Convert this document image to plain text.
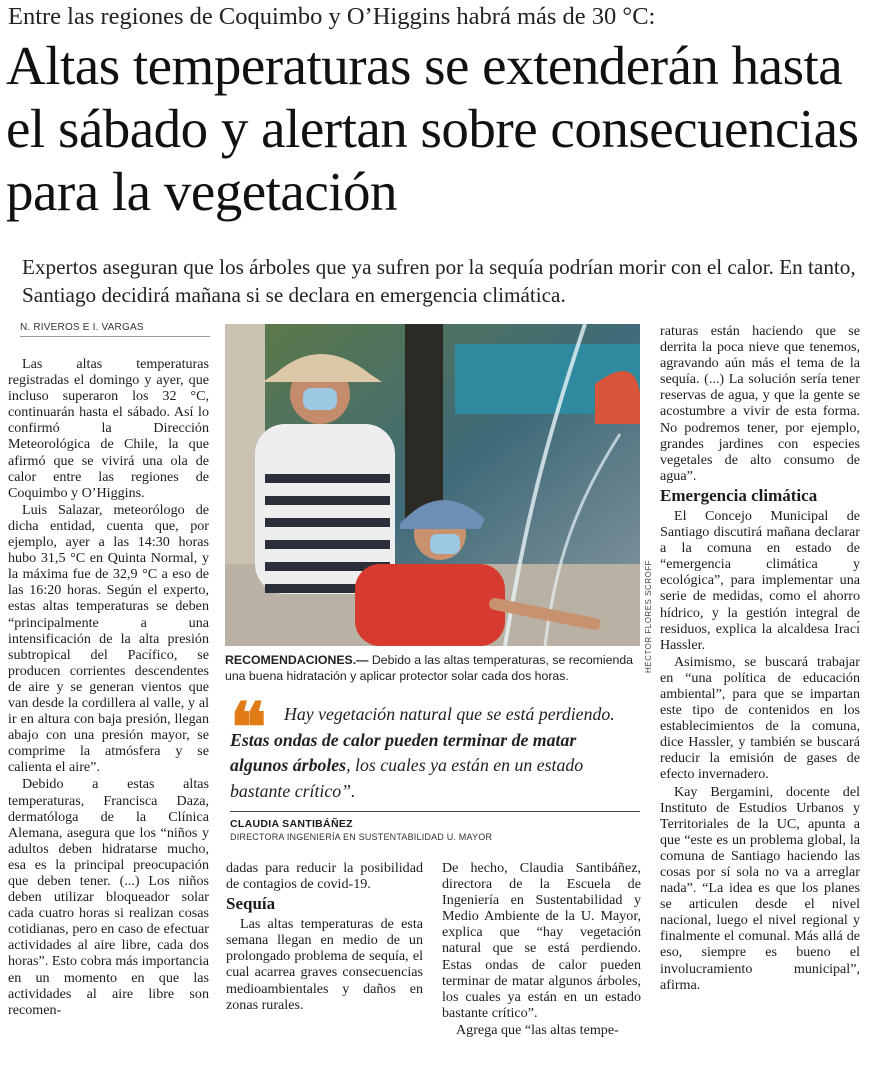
Entre las regiones de Coquimbo y O’Higgins habrá más de 30 °C:
Altas temperaturas se extenderán hasta el sábado y alertan sobre consecuencias para la vegetación
Expertos aseguran que los árboles que ya sufren por la sequía podrían morir con el calor. En tanto, Santiago decidirá mañana si se declara en emergencia climática.
N. RIVEROS E I. VARGAS

Las altas temperaturas registradas el domingo y ayer, que incluso superaron los 32 °C, continuarán hasta el sábado. Así lo confirmó la Dirección Meteorológica de Chile, la que afirmó que se vivirá una ola de calor entre las regiones de Coquimbo y O’Higgins.

Luis Salazar, meteorólogo de dicha entidad, cuenta que, por ejemplo, ayer a las 14:30 horas hubo 31,5 °C en Quinta Normal, y la máxima fue de 32,9 °C a eso de las 16:20 horas. Según el experto, estas altas temperaturas se deben “principalmente a una intensificación de la alta presión subtropical del Pacífico, se producen corrientes descendentes de aire y se generan vientos que van desde la cordillera al valle, y al ir en altura con baja presión, llegan abajo con una presión mayor, se comprime la atmósfera y se calienta el aire”.

Debido a estas altas temperaturas, Francisca Daza, dermatóloga de la Clínica Alemana, asegura que los “niños y adultos deben hidratarse mucho, esa es la principal preocupación que deben tener. (...) Los niños deben utilizar bloqueador solar cada cuatro horas si realizan cosas cotidianas, pero en caso de efectuar actividades al aire libre, cada dos horas”. Esto cobra más importancia en un momento en que las actividades al aire libre son recomen-

HÉCTOR FLORES SCROFF
RECOMENDACIONES.— Debido a las altas temperaturas, se recomienda una buena hidratación y aplicar protector solar cada dos horas.
❝ Hay vegetación natural que se está perdiendo. Estas ondas de calor pueden terminar de matar algunos árboles, los cuales ya están en un estado bastante crítico”.
CLAUDIA SANTIBÁÑEZ
DIRECTORA INGENIERÍA EN SUSTENTABILIDAD U. MAYOR

dadas para reducir la posibilidad de contagios de covid-19.

Sequía

Las altas temperaturas de esta semana llegan en medio de un prolongado problema de sequía, el cual acarrea graves consecuencias medioambientales y daños en zonas rurales.

De hecho, Claudia Santibáñez, directora de la Escuela de Ingeniería en Sustentabilidad y Medio Ambiente de la U. Mayor, explica que “hay vegetación natural que se está perdiendo. Estas ondas de calor pueden terminar de matar algunos árboles, los cuales ya están en un estado bastante crítico”.

Agrega que “las altas tempe-

raturas están haciendo que se derrita la poca nieve que tenemos, agravando aún más el tema de la sequía. (...) La solución sería tener reservas de agua, y que la gente se acostumbre a vivir de esta forma. No podremos tener, por ejemplo, grandes jardines con especies vegetales de alto consumo de agua”.

Emergencia climática

El Concejo Municipal de Santiago discutirá mañana declarar a la comuna en estado de “emergencia climática y ecológica”, para implementar una serie de medidas, como el ahorro hídrico, y la gestión integral de residuos, explica la alcaldesa Iracı́ Hassler.

Asimismo, se buscará trabajar en “una política de educación ambiental”, para que se impartan este tipo de contenidos en los establecimientos de la comuna, dice Hassler, y también se buscará reducir la emisión de gases de efecto invernadero.

Kay Bergamini, docente del Instituto de Estudios Urbanos y Territoriales de la UC, apunta a que “este es un problema global, la comuna de Santiago haciendo las cosas por sí sola no va a arreglar nada”. “La idea es que los planes se articulen desde el nivel nacional, luego el nivel regional y finalmente el comunal. Más allá de eso, siempre es bueno el involucramiento municipal”, afirma.
